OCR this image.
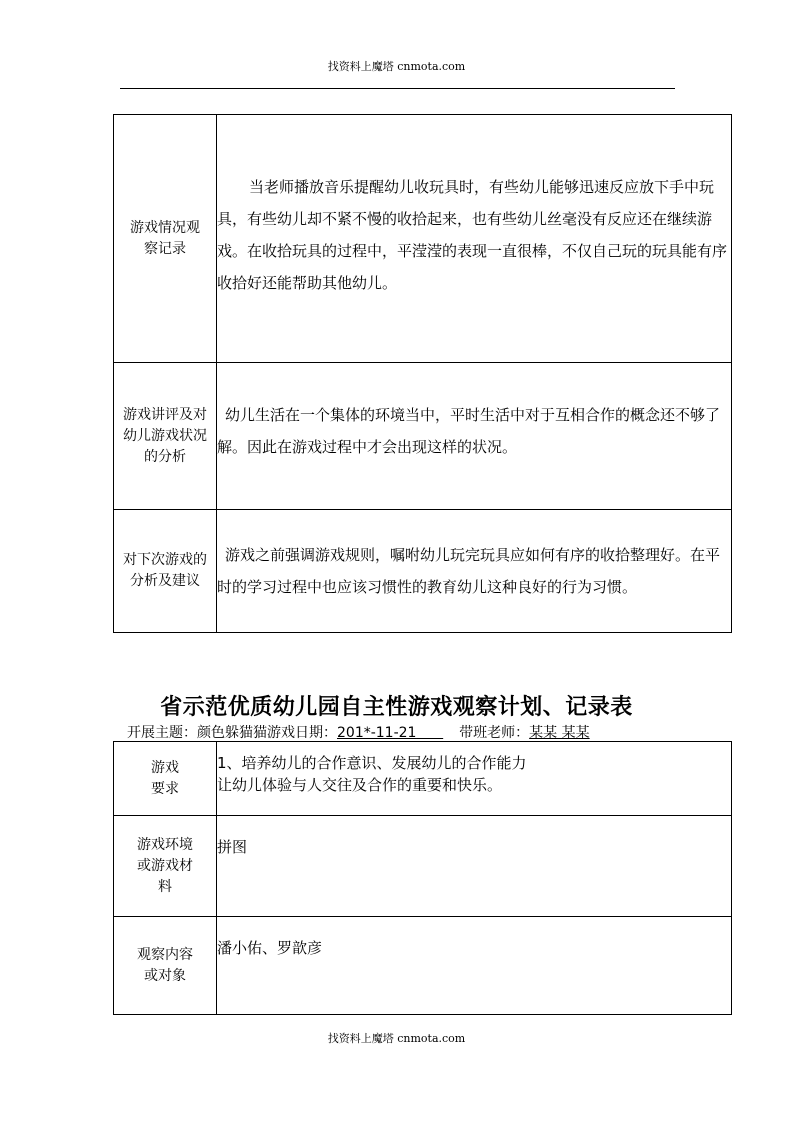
找资料上魔塔 cnmota.com
游戏情况观察记录	当老师播放音乐提醒幼儿收玩具时，有些幼儿能够迅速反应放下手中玩具，有些幼儿却不紧不慢的收拾起来，也有些幼儿丝毫没有反应还在继续游戏。在收拾玩具的过程中，平滢滢的表现一直很棒，不仅自己玩的玩具能有序收拾好还能帮助其他幼儿。

游戏讲评及对幼儿游戏状况的分析	幼儿生活在一个集体的环境当中，平时生活中对于互相合作的概念还不够了解。因此在游戏过程中才会出现这样的状况。

对下次游戏的分析及建议	游戏之前强调游戏规则，嘱咐幼儿玩完玩具应如何有序的收拾整理好。在平时的学习过程中也应该习惯性的教育幼儿这种良好的行为习惯。
省示范优质幼儿园自主性游戏观察计划、记录表
开展主题：颜色躲猫猫游戏日期：201*-11-21	带班老师：某某 某某
游戏要求	1、培养幼儿的合作意识、发展幼儿的合作能力
让幼儿体验与人交往及合作的重要和快乐。

游戏环境或游戏材料	拼图

观察内容或对象	潘小佑、罗歆彦
找资料上魔塔 cnmota.com
